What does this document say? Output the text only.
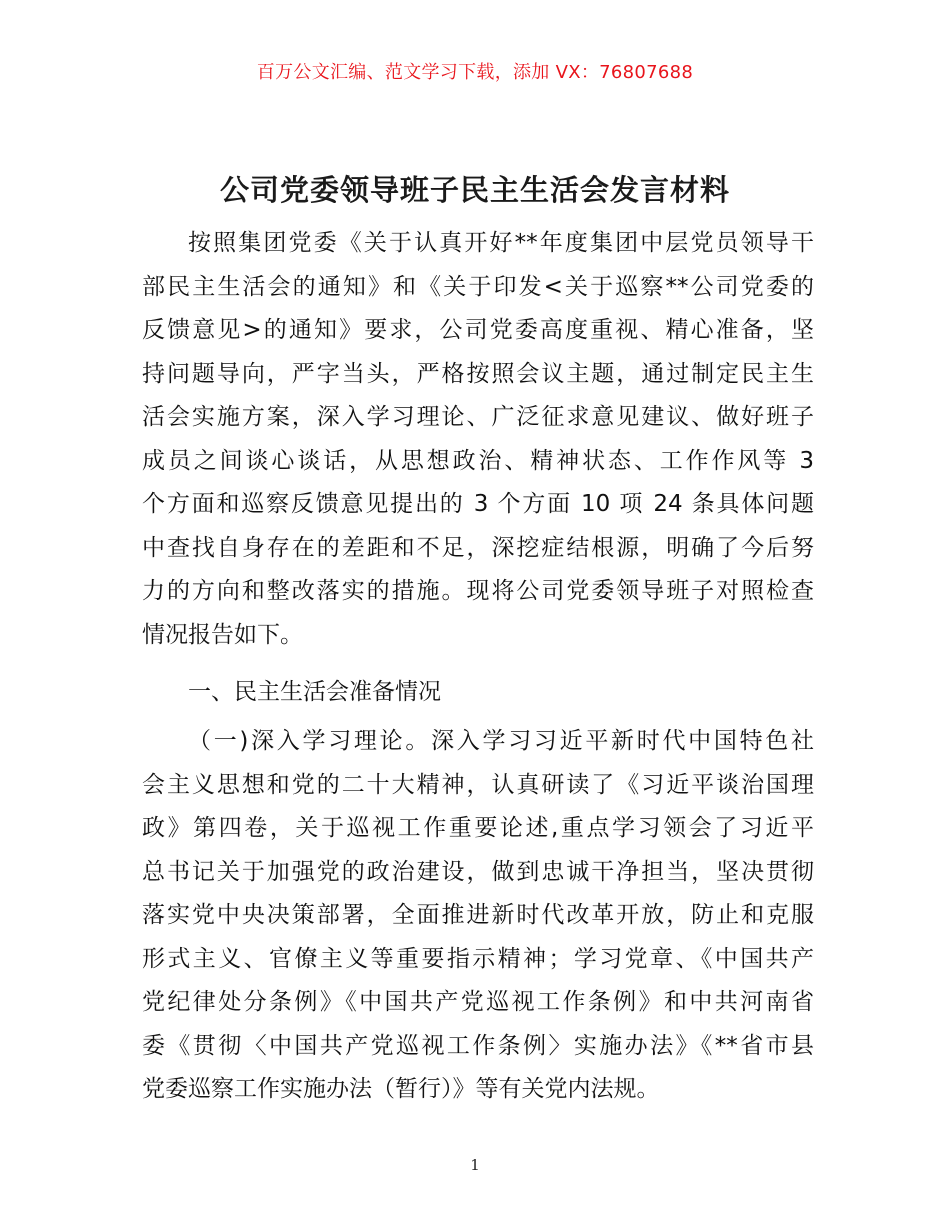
百万公文汇编、范文学习下载，添加 VX：76807688
公司党委领导班子民主生活会发言材料
按照集团党委《关于认真开好**年度集团中层党员领导干
部民主生活会的通知》和《关于印发<关于巡察**公司党委的
反馈意见>的通知》要求，公司党委高度重视、精心准备，坚
持问题导向，严字当头，严格按照会议主题，通过制定民主生
活会实施方案，深入学习理论、广泛征求意见建议、做好班子
成员之间谈心谈话，从思想政治、精神状态、工作作风等 3
个方面和巡察反馈意见提出的 3 个方面 10 项 24 条具体问题
中查找自身存在的差距和不足，深挖症结根源，明确了今后努
力的方向和整改落实的措施。现将公司党委领导班子对照检查
情况报告如下。
一、民主生活会准备情况
（一)深入学习理论。深入学习习近平新时代中国特色社
会主义思想和党的二十大精神，认真研读了《习近平谈治国理
政》第四卷，关于巡视工作重要论述,重点学习领会了习近平
总书记关于加强党的政治建设，做到忠诚干净担当，坚决贯彻
落实党中央决策部署，全面推进新时代改革开放，防止和克服
形式主义、官僚主义等重要指示精神；学习党章、《中国共产
党纪律处分条例》《中国共产党巡视工作条例》和中共河南省
委《贯彻〈中国共产党巡视工作条例〉实施办法》《**省市县
党委巡察工作实施办法（暂行）》等有关党内法规。
1
